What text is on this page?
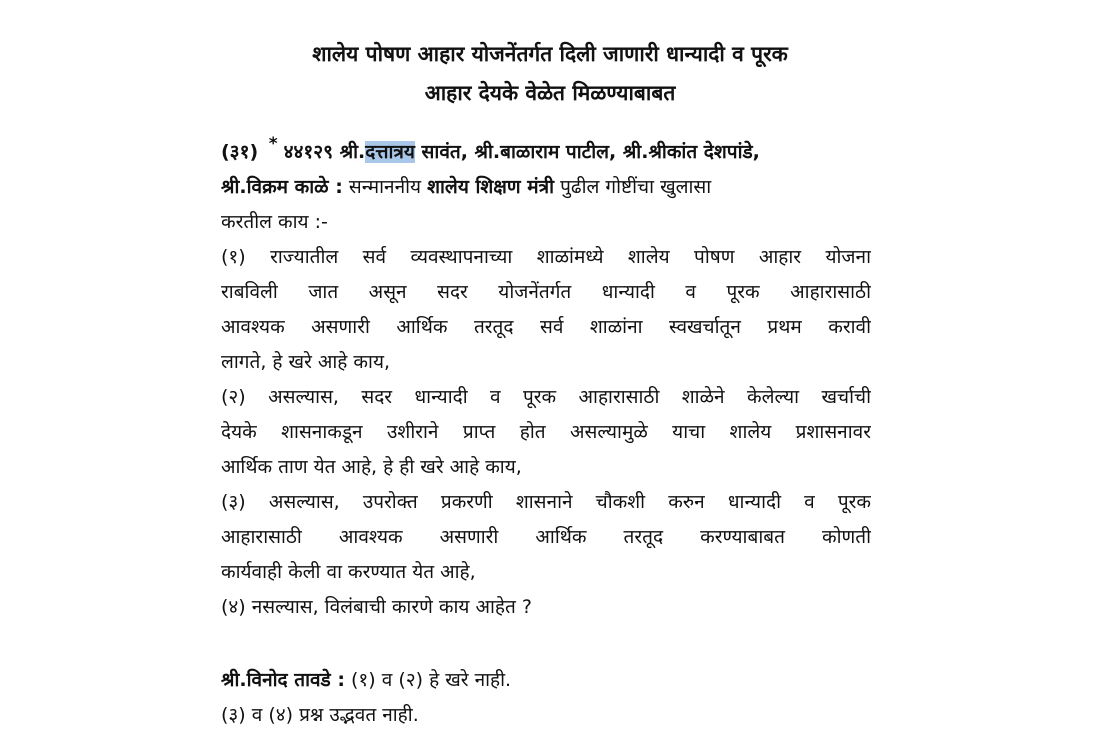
शालेय पोषण आहार योजनेंतर्गत दिली जाणारी धान्यादी व पूरक
आहार देयके वेळेत मिळण्याबाबत
(३१) * ४४१२९ श्री.दत्तात्रय सावंत, श्री.बाळाराम पाटील, श्री.श्रीकांत देशपांडे,
श्री.विक्रम काळे : सन्माननीय शालेय शिक्षण मंत्री पुढील गोष्टींचा खुलासा
करतील काय :-
(१) राज्यातील सर्व व्यवस्थापनाच्या शाळांमध्ये शालेय पोषण आहार योजना
राबविली जात असून सदर योजनेंतर्गत धान्यादी व पूरक आहारासाठी
आवश्यक असणारी आर्थिक तरतूद सर्व शाळांना स्वखर्चातून प्रथम करावी
लागते, हे खरे आहे काय,
(२) असल्यास, सदर धान्यादी व पूरक आहारासाठी शाळेने केलेल्या खर्चाची
देयके शासनाकडून उशीराने प्राप्त होत असल्यामुळे याचा शालेय प्रशासनावर
आर्थिक ताण येत आहे, हे ही खरे आहे काय,
(३) असल्यास, उपरोक्त प्रकरणी शासनाने चौकशी करुन धान्यादी व पूरक
आहारासाठी आवश्यक असणारी आर्थिक तरतूद करण्याबाबत कोणती
कार्यवाही केली वा करण्यात येत आहे,
(४) नसल्यास, विलंबाची कारणे काय आहेत ?
श्री.विनोद तावडे : (१) व (२) हे खरे नाही.
(३) व (४) प्रश्न उद्भवत नाही.
